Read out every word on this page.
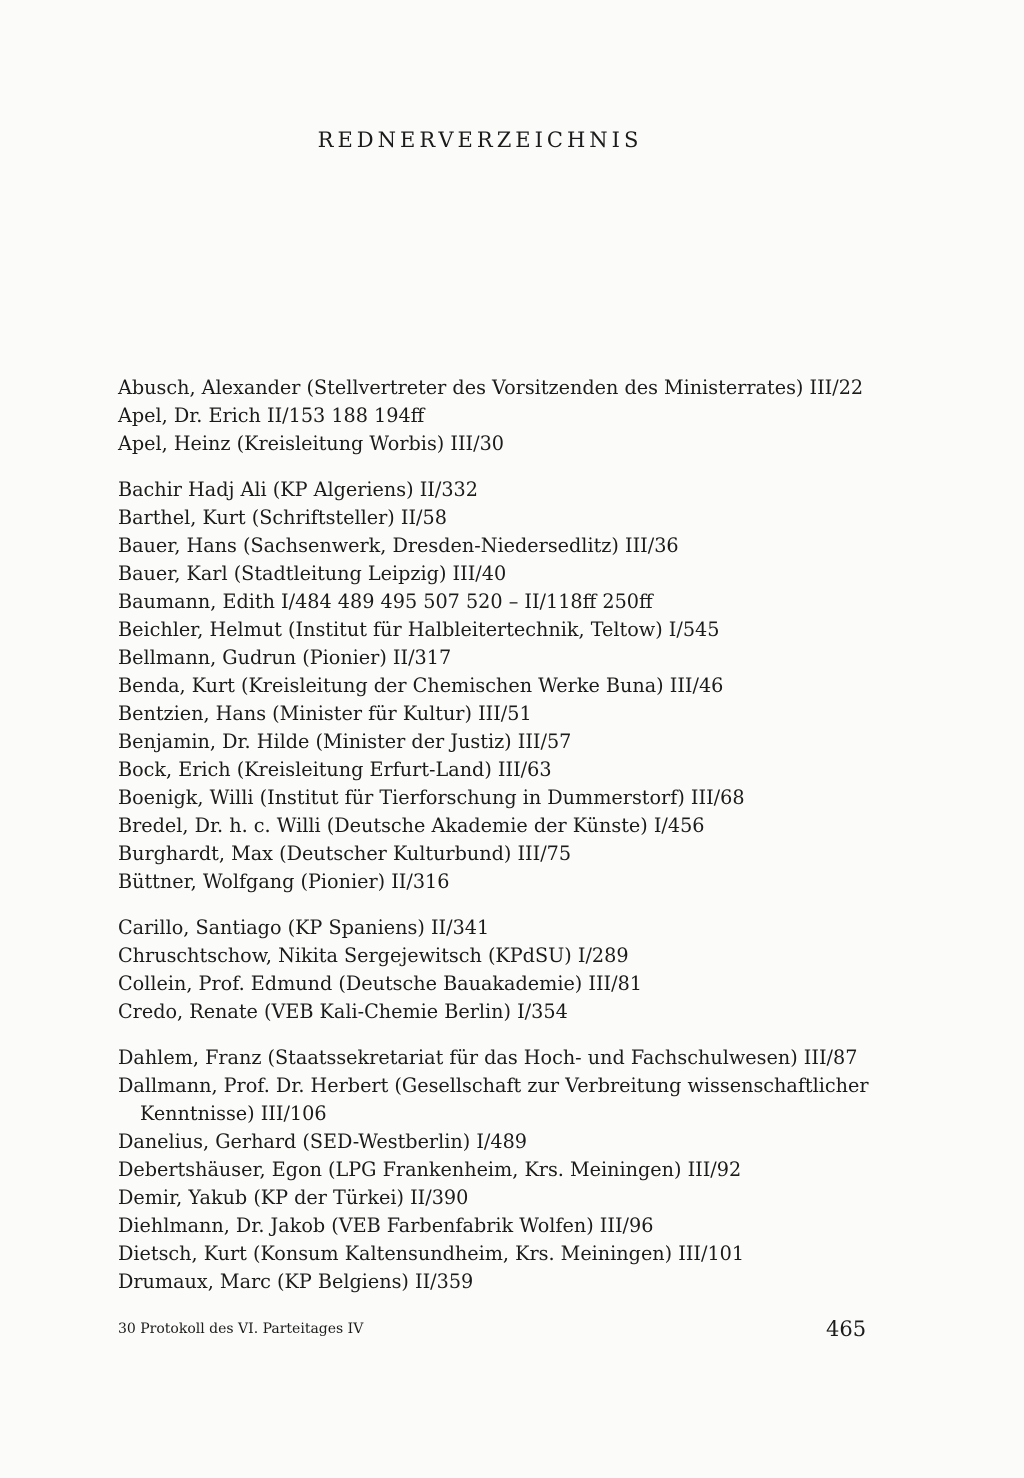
REDNERVERZEICHNIS
Abusch, Alexander (Stellvertreter des Vorsitzenden des Ministerrates) III/22
Apel, Dr. Erich II/153 188 194ff
Apel, Heinz (Kreisleitung Worbis) III/30
Bachir Hadj Ali (KP Algeriens) II/332
Barthel, Kurt (Schriftsteller) II/58
Bauer, Hans (Sachsenwerk, Dresden-Niedersedlitz) III/36
Bauer, Karl (Stadtleitung Leipzig) III/40
Baumann, Edith I/484 489 495 507 520 – II/118ff 250ff
Beichler, Helmut (Institut für Halbleitertechnik, Teltow) I/545
Bellmann, Gudrun (Pionier) II/317
Benda, Kurt (Kreisleitung der Chemischen Werke Buna) III/46
Bentzien, Hans (Minister für Kultur) III/51
Benjamin, Dr. Hilde (Minister der Justiz) III/57
Bock, Erich (Kreisleitung Erfurt-Land) III/63
Boenigk, Willi (Institut für Tierforschung in Dummerstorf) III/68
Bredel, Dr. h. c. Willi (Deutsche Akademie der Künste) I/456
Burghardt, Max (Deutscher Kulturbund) III/75
Büttner, Wolfgang (Pionier) II/316
Carillo, Santiago (KP Spaniens) II/341
Chruschtschow, Nikita Sergejewitsch (KPdSU) I/289
Collein, Prof. Edmund (Deutsche Bauakademie) III/81
Credo, Renate (VEB Kali-Chemie Berlin) I/354
Dahlem, Franz (Staatssekretariat für das Hoch- und Fachschulwesen) III/87
Dallmann, Prof. Dr. Herbert (Gesellschaft zur Verbreitung wissenschaftlicher Kenntnisse) III/106
Danelius, Gerhard (SED-Westberlin) I/489
Debertshäuser, Egon (LPG Frankenheim, Krs. Meiningen) III/92
Demir, Yakub (KP der Türkei) II/390
Diehlmann, Dr. Jakob (VEB Farbenfabrik Wolfen) III/96
Dietsch, Kurt (Konsum Kaltensundheim, Krs. Meiningen) III/101
Drumaux, Marc (KP Belgiens) II/359
30 Protokoll des VI. Parteitages IV	465
